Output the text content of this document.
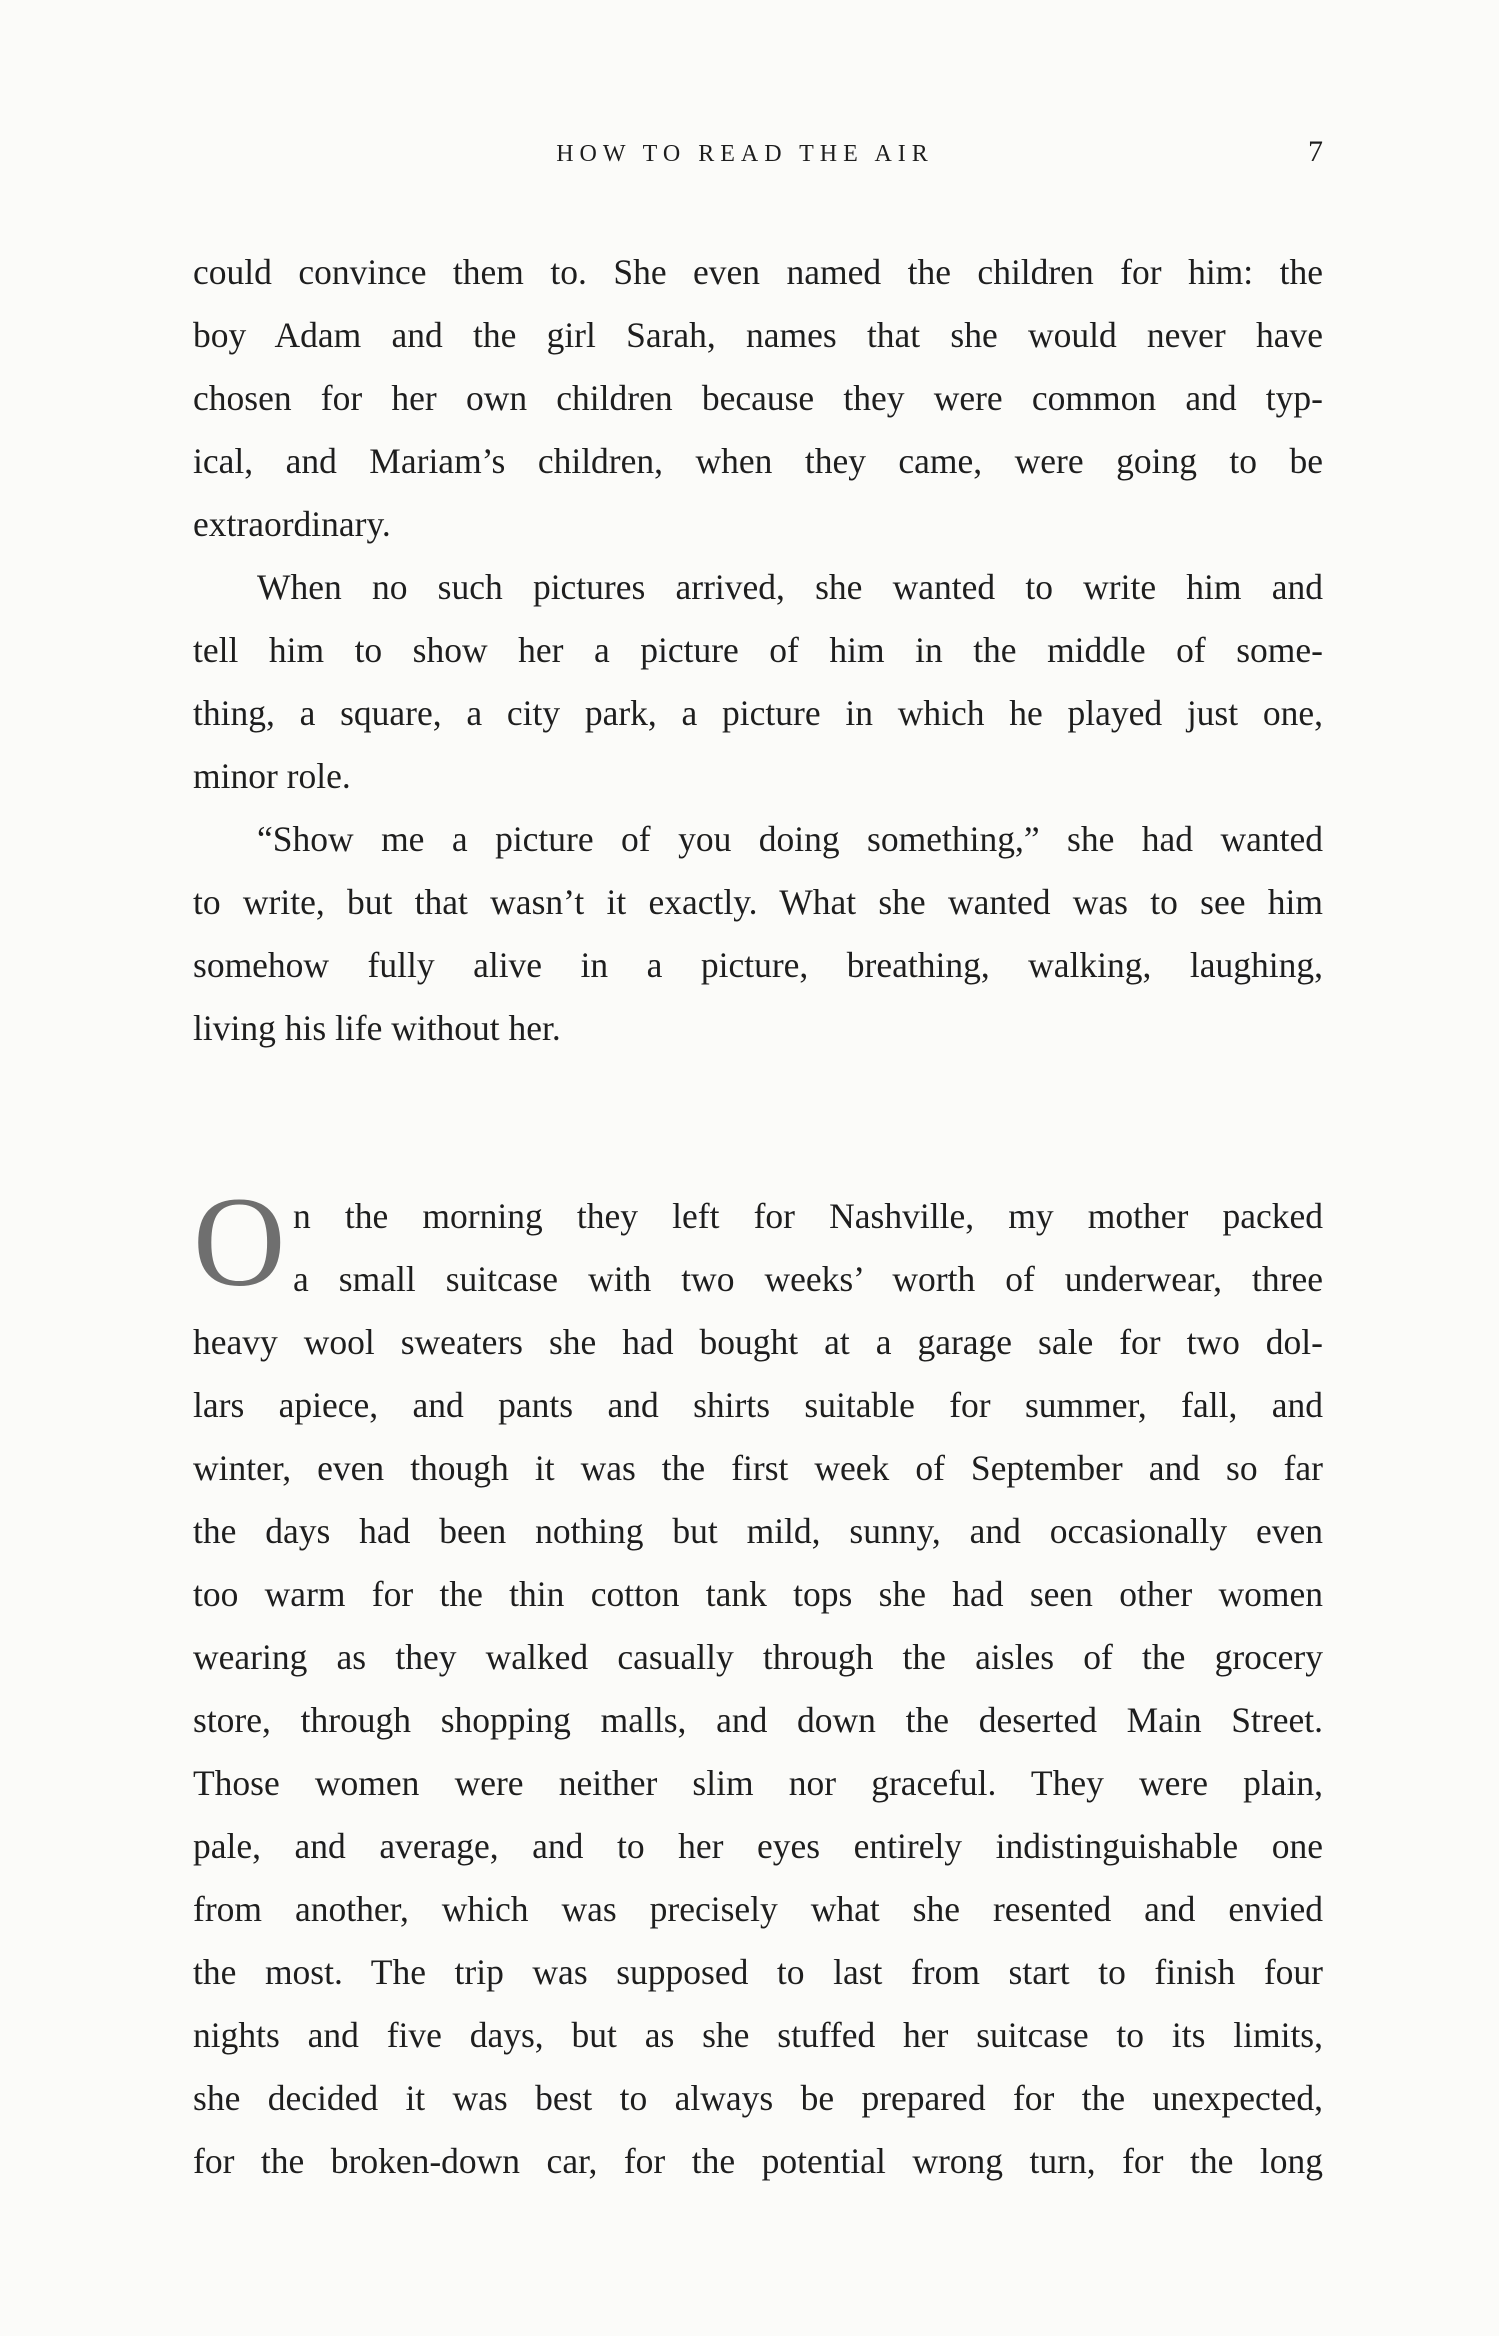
HOW TO READ THE AIR	7
could convince them to. She even named the children for him: the
boy Adam and the girl Sarah, names that she would never have
chosen for her own children because they were common and typ-
ical, and Mariam’s children, when they came, were going to be
extraordinary.
When no such pictures arrived, she wanted to write him and
tell him to show her a picture of him in the middle of some-
thing, a square, a city park, a picture in which he played just one,
minor role.
“Show me a picture of you doing something,” she had wanted
to write, but that wasn’t it exactly. What she wanted was to see him
somehow fully alive in a picture, breathing, walking, laughing,
living his life without her.
O n the morning they left for Nashville, my mother packed
a small suitcase with two weeks’ worth of underwear, three
heavy wool sweaters she had bought at a garage sale for two dol-
lars apiece, and pants and shirts suitable for summer, fall, and
winter, even though it was the first week of September and so far
the days had been nothing but mild, sunny, and occasionally even
too warm for the thin cotton tank tops she had seen other women
wearing as they walked casually through the aisles of the grocery
store, through shopping malls, and down the deserted Main Street.
Those women were neither slim nor graceful. They were plain,
pale, and average, and to her eyes entirely indistinguishable one
from another, which was precisely what she resented and envied
the most. The trip was supposed to last from start to finish four
nights and five days, but as she stuffed her suitcase to its limits,
she decided it was best to always be prepared for the unexpected,
for the broken-down car, for the potential wrong turn, for the long
